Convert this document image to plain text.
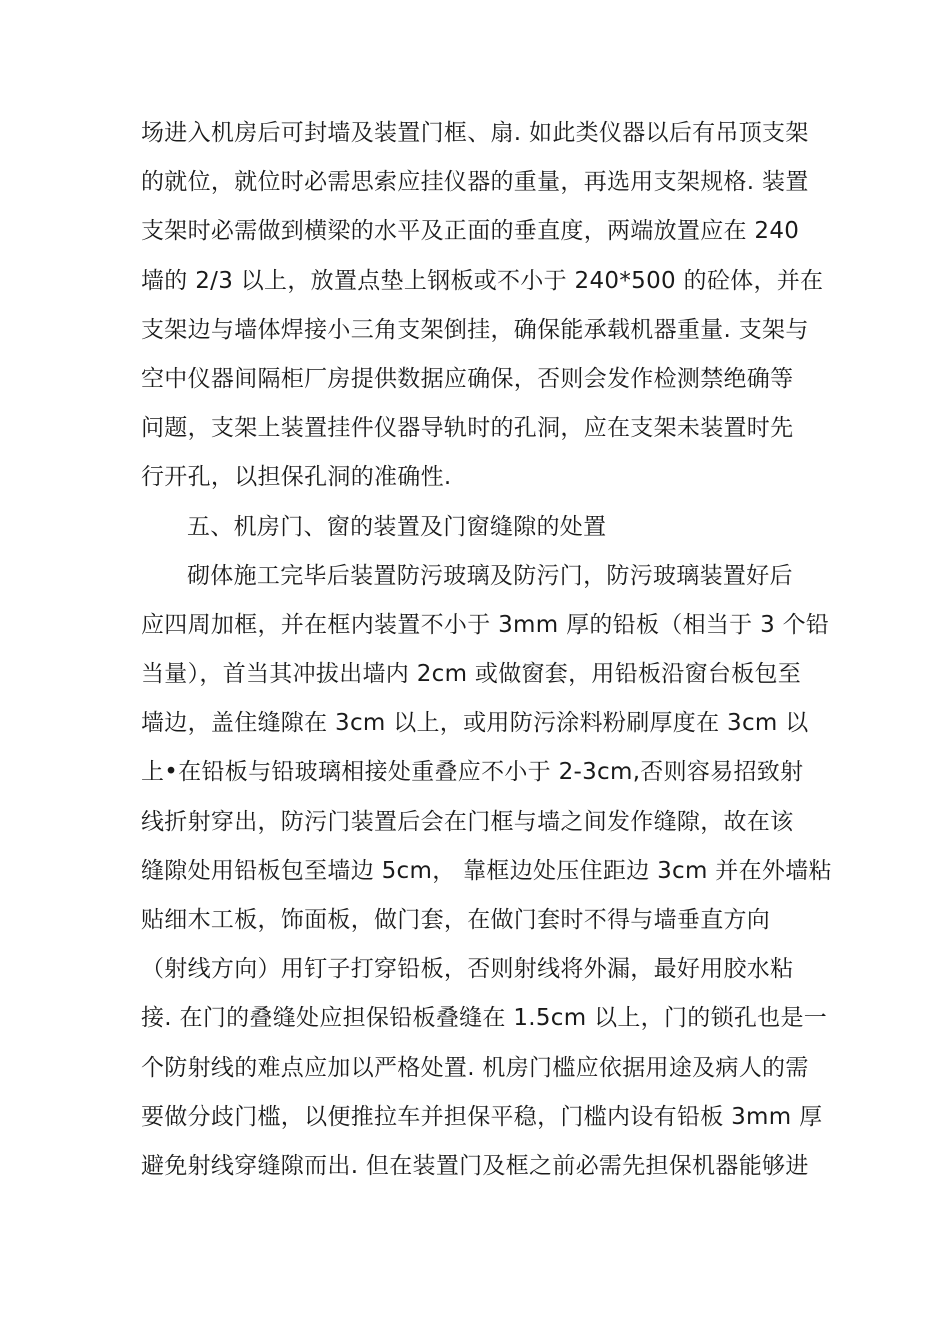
场进入机房后可封墙及装置门框、扇. 如此类仪器以后有吊顶支架
的就位，就位时必需思索应挂仪器的重量，再选用支架规格. 装置
支架时必需做到横梁的水平及正面的垂直度，两端放置应在 240
墙的 2/3 以上，放置点垫上钢板或不小于 240*500 的砼体，并在
支架边与墙体焊接小三角支架倒挂，确保能承载机器重量. 支架与
空中仪器间隔柜厂房提供数据应确保，否则会发作检测禁绝确等
问题，支架上装置挂件仪器导轨时的孔洞，应在支架未装置时先
行开孔，以担保孔洞的准确性.
五、机房门、窗的装置及门窗缝隙的处置
砌体施工完毕后装置防污玻璃及防污门，防污玻璃装置好后
应四周加框，并在框内装置不小于 3mm 厚的铅板（相当于 3 个铅
当量），首当其冲拔出墙内 2cm 或做窗套，用铅板沿窗台板包至
墙边，盖住缝隙在 3cm 以上，或用防污涂料粉刷厚度在 3cm 以
上•在铅板与铅玻璃相接处重叠应不小于 2-3cm,否则容易招致射
线折射穿出，防污门装置后会在门框与墙之间发作缝隙，故在该
缝隙处用铅板包至墙边 5cm， 靠框边处压住距边 3cm 并在外墙粘
贴细木工板，饰面板，做门套，在做门套时不得与墙垂直方向
（射线方向）用钉子打穿铅板，否则射线将外漏，最好用胶水粘
接. 在门的叠缝处应担保铅板叠缝在 1.5cm 以上，门的锁孔也是一
个防射线的难点应加以严格处置. 机房门槛应依据用途及病人的需
要做分歧门槛，以便推拉车并担保平稳，门槛内设有铅板 3mm 厚
避免射线穿缝隙而出. 但在装置门及框之前必需先担保机器能够进
